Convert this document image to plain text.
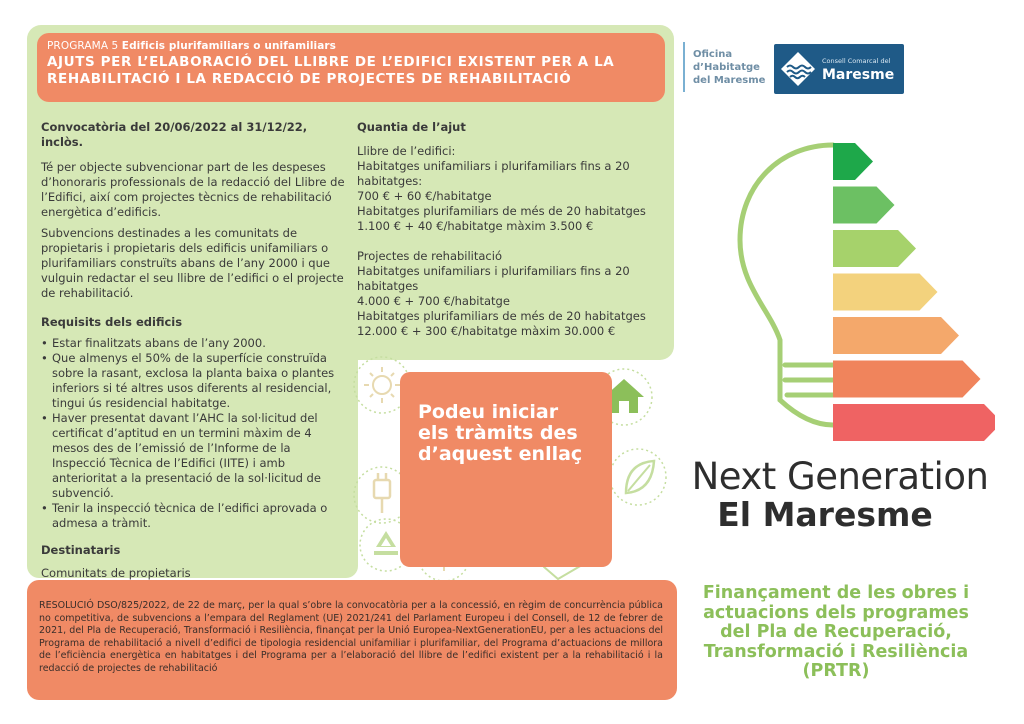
PROGRAMA 5 Edificis plurifamiliars o unifamiliars
AJUTS PER L’ELABORACIÓ DEL LLIBRE DE L’EDIFICI EXISTENT PER A LA REHABILITACIÓ I LA REDACCIÓ DE PROJECTES DE REHABILITACIÓ
Convocatòria del 20/06/2022 al 31/12/22, inclòs.

Té per objecte subvencionar part de les despeses d’honoraris professionals de la redacció del Llibre de l’Edifici, així com projectes tècnics de rehabilitació energètica d’edificis.

Subvencions destinades a les comunitats de propietaris i propietaris dels edificis unifamiliars o plurifamiliars construïts abans de l’any 2000 i que vulguin redactar el seu llibre de l’edifici o el projecte de rehabilitació.

Requisits dels edificis
• Estar finalitzats abans de l’any 2000.
• Que almenys el 50% de la superfície construïda sobre la rasant, exclosa la planta baixa o plantes inferiors si té altres usos diferents al residencial, tingui ús residencial habitatge.
• Haver presentat davant l’AHC la sol·licitud del certificat d’aptitud en un termini màxim de 4 mesos des de l’emissió de l’Informe de la Inspecció Tècnica de l’Edifici (IITE) i amb anterioritat a la presentació de la sol·licitud de subvenció.
• Tenir la inspecció tècnica de l’edifici aprovada o admesa a tràmit.
Destinataris

Comunitats de propietaris

Quantia de l’ajut
Llibre de l’edifici:
Habitatges unifamiliars i plurifamiliars fins a 20 habitatges:
700 € + 60 €/habitatge
Habitatges plurifamiliars de més de 20 habitatges
1.100 € + 40 €/habitatge màxim 3.500 €
Projectes de rehabilitació
Habitatges unifamiliars i plurifamiliars fins a 20 habitatges
4.000 € + 700 €/habitatge
Habitatges plurifamiliars de més de 20 habitatges
12.000 € + 300 €/habitatge màxim 30.000 €
Oficina
d’Habitatge
del Maresme
Consell Comarcal del
Maresme
Podeu iniciar els tràmits des d’aquest enllaç
Next Generation
El Maresme
RESOLUCIÓ DSO/825/2022, de 22 de març, per la qual s’obre la convocatòria per a la concessió, en règim de concurrència pública no competitiva, de subvencions a l’empara del Reglament (UE) 2021/241 del Parlament Europeu i del Consell, de 12 de febrer de 2021, del Pla de Recuperació, Transformació i Resiliència, finançat per la Unió Europea-NextGenerationEU, per a les actuacions del Programa de rehabilitació a nivell d’edifici de tipologia residencial unifamiliar i plurifamiliar, del Programa d’actuacions de millora de l’eficiència energètica en habitatges i del Programa per a l’elaboració del llibre de l’edifici existent per a la rehabilitació i la redacció de projectes de rehabilitació
Finançament de les obres i actuacions dels programes del Pla de Recuperació, Transformació i Resiliència (PRTR)
